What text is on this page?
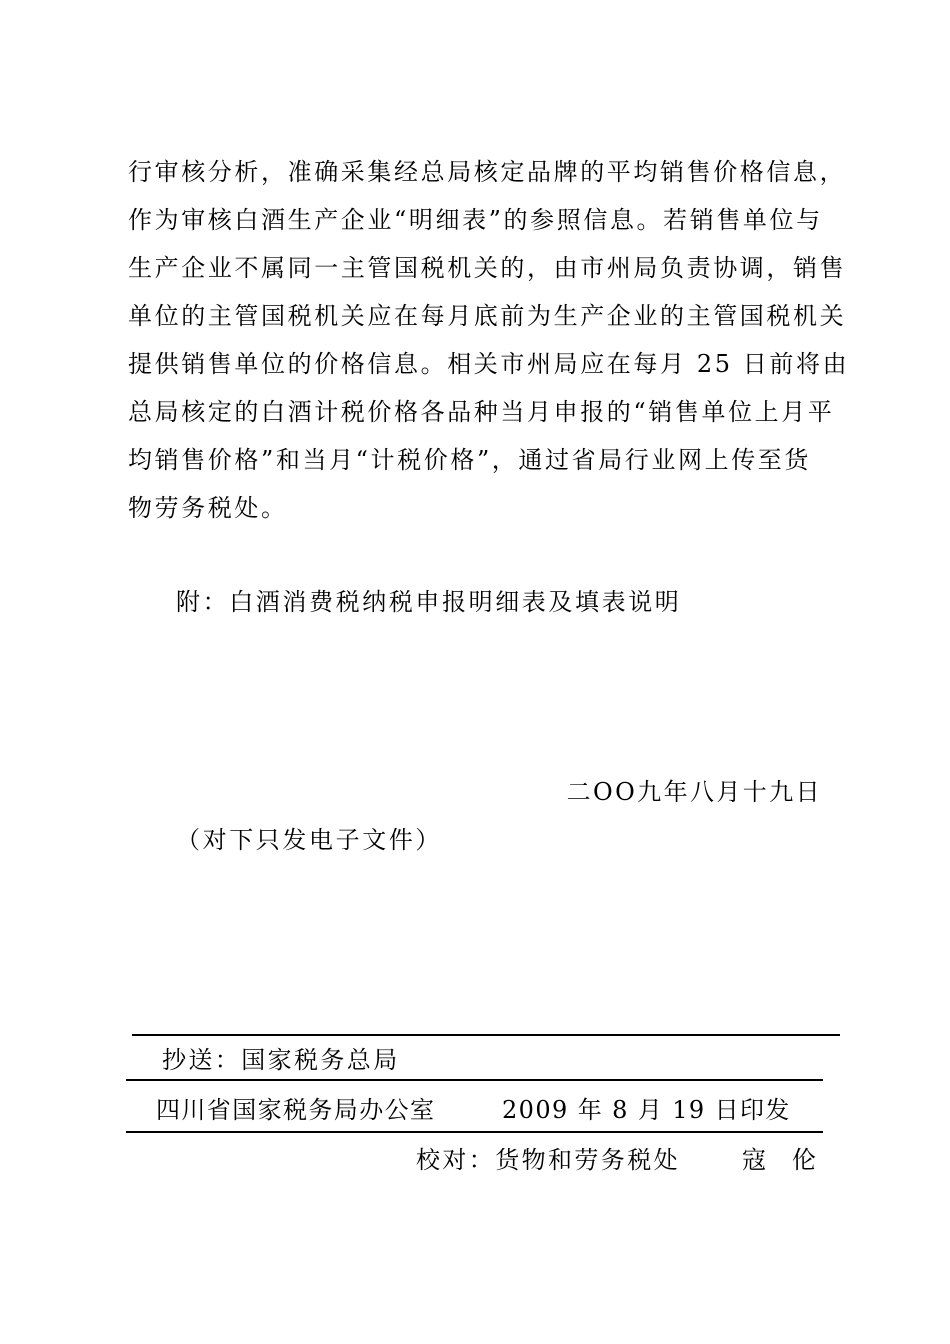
行审核分析，准确采集经总局核定品牌的平均销售价格信息，
作为审核白酒生产企业“明细表”的参照信息。若销售单位与
生产企业不属同一主管国税机关的，由市州局负责协调，销售
单位的主管国税机关应在每月底前为生产企业的主管国税机关
提供销售单位的价格信息。相关市州局应在每月 25 日前将由
总局核定的白酒计税价格各品种当月申报的“销售单位上月平
均销售价格”和当月“计税价格”，通过省局行业网上传至货
物劳务税处。
附：白酒消费税纳税申报明细表及填表说明
二OO九年八月十九日
（对下只发电子文件）
抄送：国家税务总局
四川省国家税务局办公室	2009 年 8 月 19 日印发
校对：货物和劳务税处	寇伦
